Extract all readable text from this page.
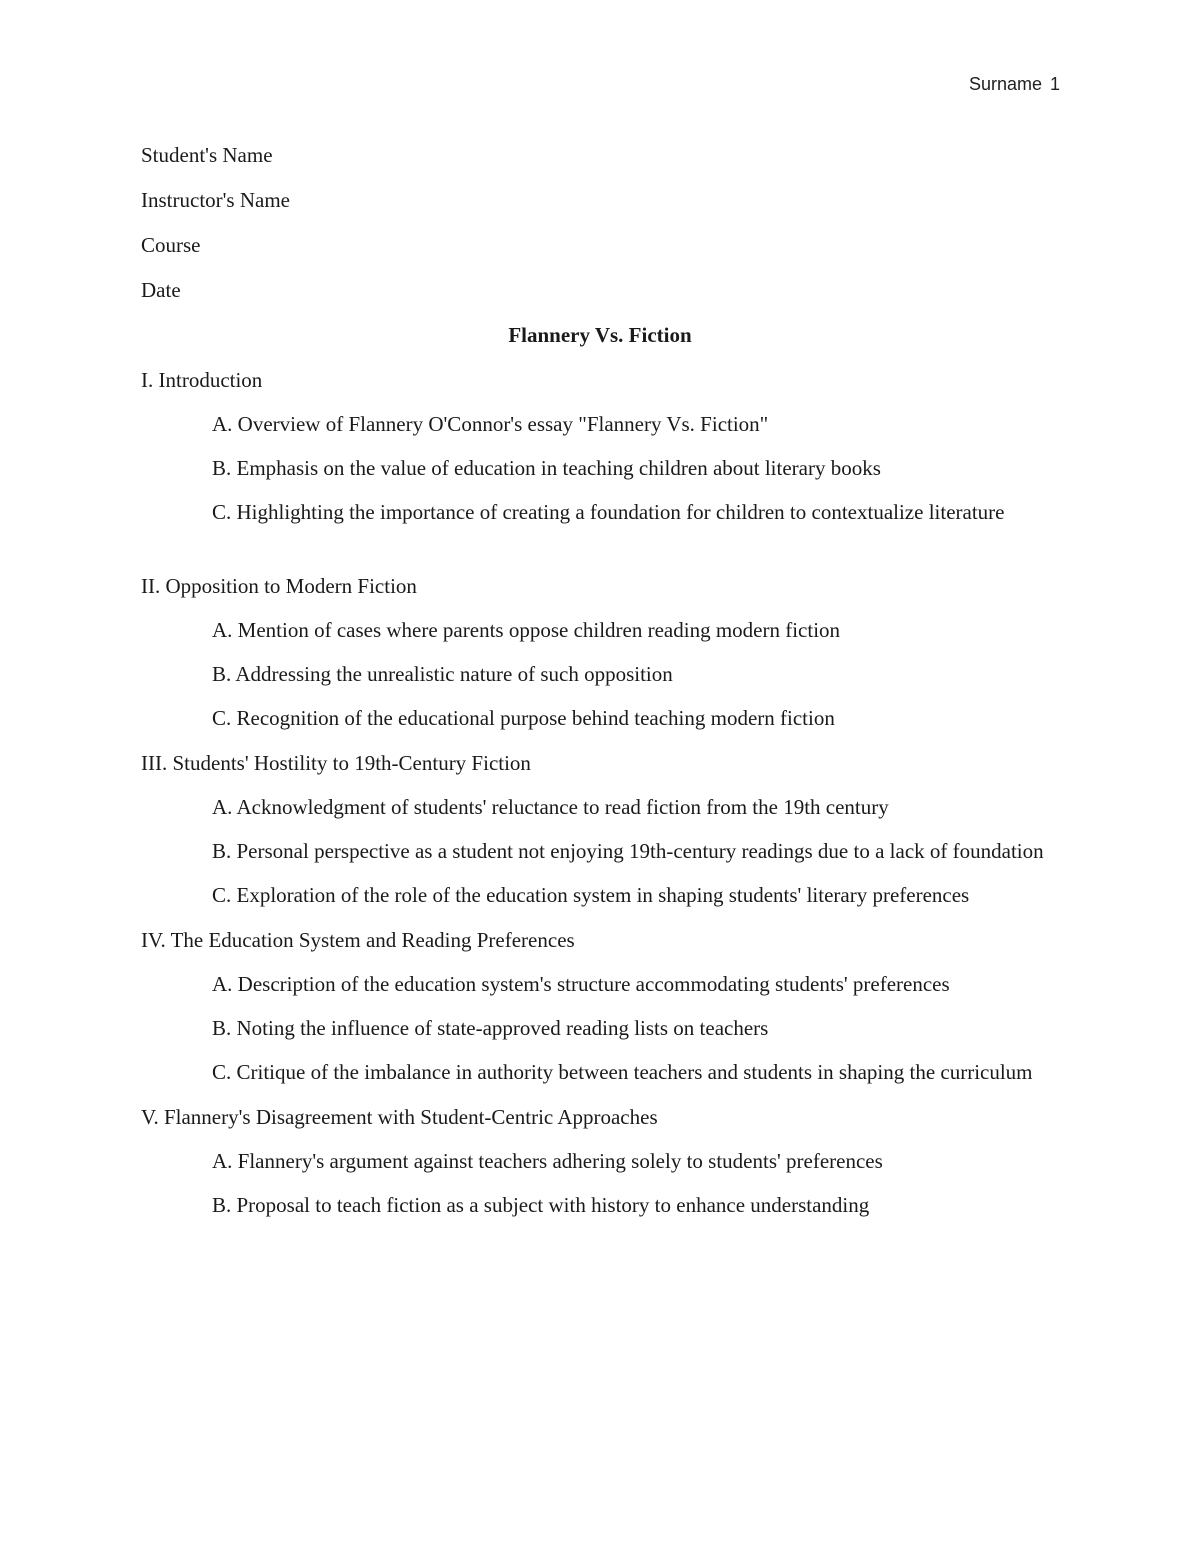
Surname 1

Student's Name

Instructor's Name

Course

Date

Flannery Vs. Fiction

I. Introduction

A. Overview of Flannery O'Connor's essay "Flannery Vs. Fiction"

B. Emphasis on the value of education in teaching children about literary books

C. Highlighting the importance of creating a foundation for children to contextualize literature

II. Opposition to Modern Fiction

A. Mention of cases where parents oppose children reading modern fiction

B. Addressing the unrealistic nature of such opposition

C. Recognition of the educational purpose behind teaching modern fiction

III. Students' Hostility to 19th-Century Fiction

A. Acknowledgment of students' reluctance to read fiction from the 19th century

B. Personal perspective as a student not enjoying 19th-century readings due to a lack of foundation

C. Exploration of the role of the education system in shaping students' literary preferences

IV. The Education System and Reading Preferences

A. Description of the education system's structure accommodating students' preferences

B. Noting the influence of state-approved reading lists on teachers

C. Critique of the imbalance in authority between teachers and students in shaping the curriculum

V. Flannery's Disagreement with Student-Centric Approaches

A. Flannery's argument against teachers adhering solely to students' preferences

B. Proposal to teach fiction as a subject with history to enhance understanding
